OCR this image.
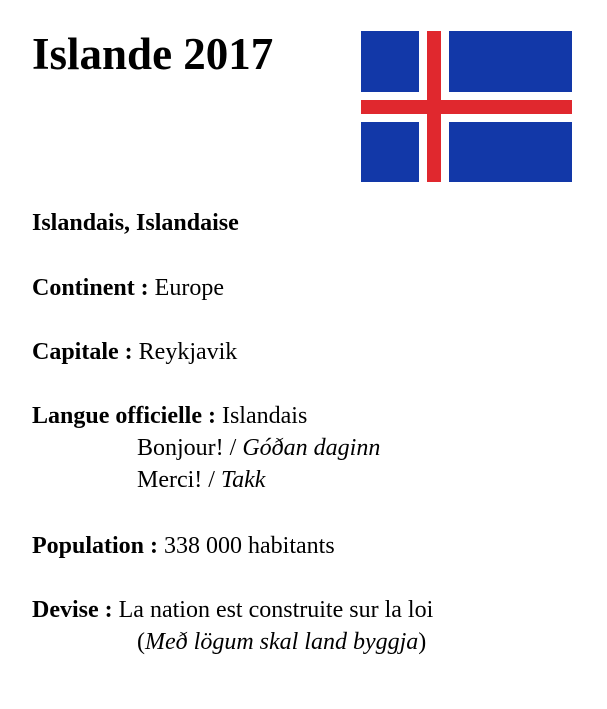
Islande 2017
Islandais, Islandaise
Continent : Europe
Capitale : Reykjavik
Langue officielle : Islandais
Bonjour! / Góðan daginn
Merci! / Takk
Population : 338 000 habitants
Devise : La nation est construite sur la loi
(Með lögum skal land byggja)
